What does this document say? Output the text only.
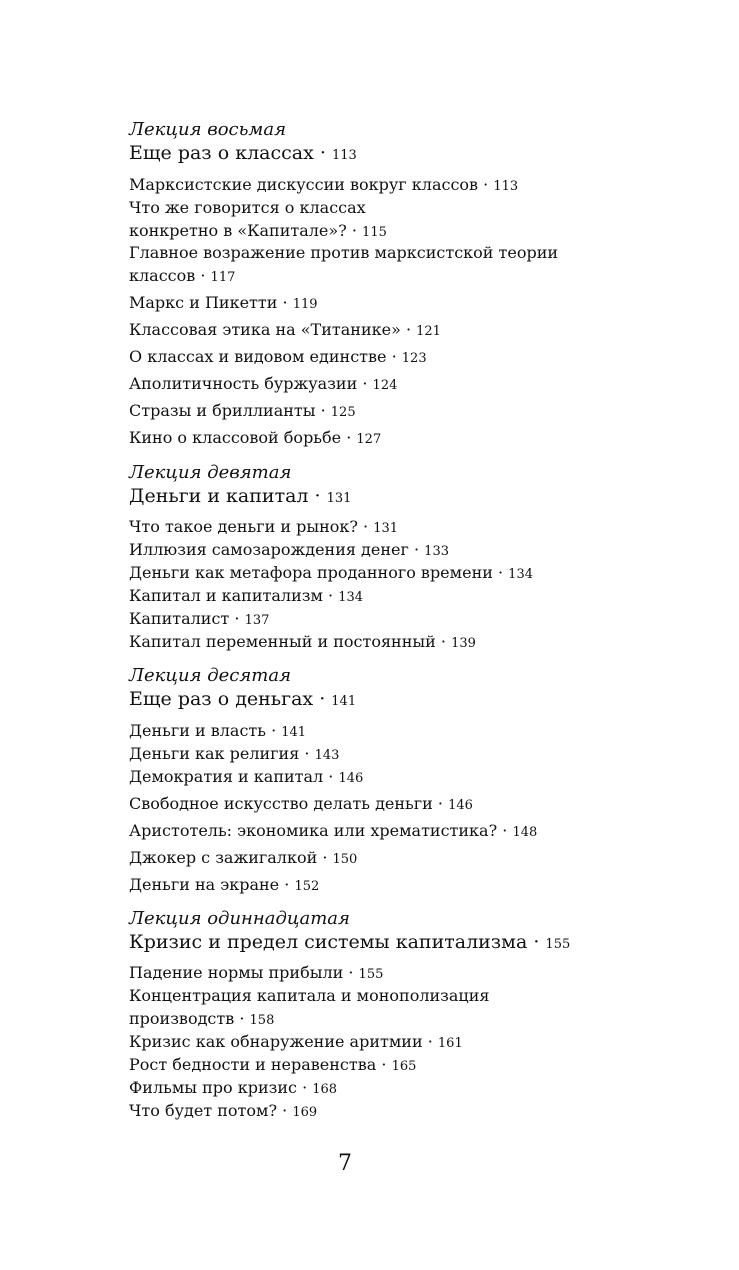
Лекция восьмая
Еще раз о классах · 113
Марксистские дискуссии вокруг классов · 113
Что же говорится о классах
конкретно в «Капитале»? · 115
Главное возражение против марксистской теории
классов · 117
Маркс и Пикетти · 119
Классовая этика на «Титанике» · 121
О классах и видовом единстве · 123
Аполитичность буржуазии · 124
Стразы и бриллианты · 125
Кино о классовой борьбе · 127
Лекция девятая
Деньги и капитал · 131
Что такое деньги и рынок? · 131
Иллюзия самозарождения денег · 133
Деньги как метафора проданного времени · 134
Капитал и капитализм · 134
Капиталист · 137
Капитал переменный и постоянный · 139
Лекция десятая
Еще раз о деньгах · 141
Деньги и власть · 141
Деньги как религия · 143
Демократия и капитал · 146
Свободное искусство делать деньги · 146
Аристотель: экономика или хрематистика? · 148
Джокер с зажигалкой · 150
Деньги на экране · 152
Лекция одиннадцатая
Кризис и предел системы капитализма · 155
Падение нормы прибыли · 155
Концентрация капитала и монополизация
производств · 158
Кризис как обнаружение аритмии · 161
Рост бедности и неравенства · 165
Фильмы про кризис · 168
Что будет потом? · 169
7
